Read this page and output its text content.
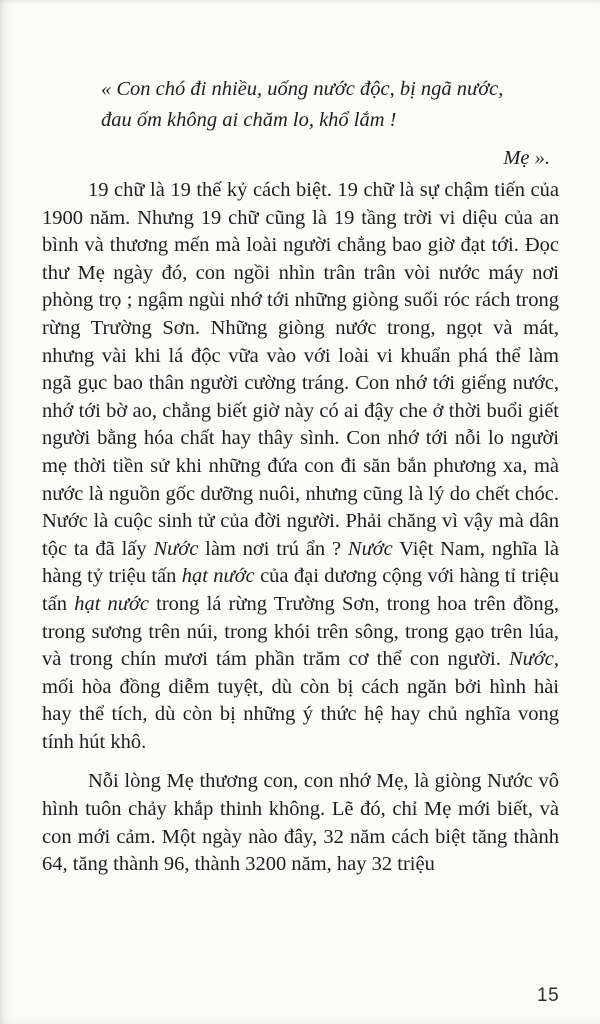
« Con chó đi nhiều, uống nước độc, bị ngã nước, đau ốm không ai chăm lo, khổ lắm !

Mẹ ».

19 chữ là 19 thế kỷ cách biệt. 19 chữ là sự chậm tiến của 1900 năm. Nhưng 19 chữ cũng là 19 tầng trời vi diệu của an bình và thương mến mà loài người chẳng bao giờ đạt tới. Đọc thư Mẹ ngày đó, con ngồi nhìn trân trân vòi nước máy nơi phòng trọ ; ngậm ngùi nhớ tới những giòng suối róc rách trong rừng Trường Sơn. Những giòng nước trong, ngọt và mát, nhưng vài khi lá độc vữa vào với loài vi khuẩn phá thể làm ngã gục bao thân người cường tráng. Con nhớ tới giếng nước, nhớ tới bờ ao, chẳng biết giờ này có ai đậy che ở thời buổi giết người bằng hóa chất hay thây sình. Con nhớ tới nỗi lo người mẹ thời tiền sử khi những đứa con đi săn bắn phương xa, mà nước là nguồn gốc dưỡng nuôi, nhưng cũng là lý do chết chóc. Nước là cuộc sinh tử của đời người. Phải chăng vì vậy mà dân tộc ta đã lấy Nước làm nơi trú ẩn ? Nước Việt Nam, nghĩa là hàng tỷ triệu tấn hạt nước của đại dương cộng với hàng tỉ triệu tấn hạt nước trong lá rừng Trường Sơn, trong hoa trên đồng, trong sương trên núi, trong khói trên sông, trong gạo trên lúa, và trong chín mươi tám phần trăm cơ thể con người. Nước, mối hòa đồng diễm tuyệt, dù còn bị cách ngăn bởi hình hài hay thể tích, dù còn bị những ý thức hệ hay chủ nghĩa vong tính hút khô.

Nỗi lòng Mẹ thương con, con nhớ Mẹ, là giòng Nước vô hình tuôn chảy khắp thinh không. Lẽ đó, chỉ Mẹ mới biết, và con mới cảm. Một ngày nào đây, 32 năm cách biệt tăng thành 64, tăng thành 96, thành 3200 năm, hay 32 triệu

15
